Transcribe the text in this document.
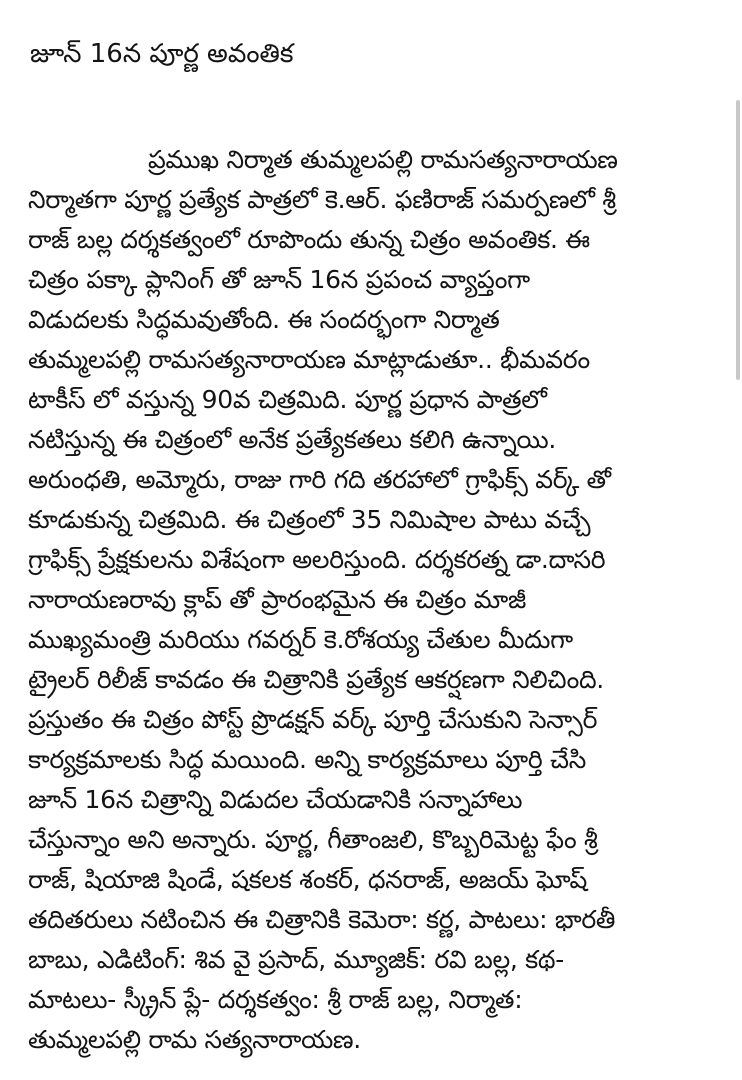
జూన్ 16న పూర్ణ అవంతిక
ప్రముఖ నిర్మాత తుమ్మలపల్లి రామసత్యనారాయణ
నిర్మాతగా పూర్ణ ప్రత్యేక పాత్రలో కె.ఆర్. ఫణిరాజ్ సమర్పణలో శ్రీ
రాజ్ బల్ల దర్శకత్వంలో రూపొందు తున్న చిత్రం అవంతిక. ఈ
చిత్రం పక్కా ప్లానింగ్ తో జూన్ 16న ప్రపంచ వ్యాప్తంగా
విడుదలకు సిద్ధమవుతోంది. ఈ సందర్భంగా నిర్మాత
తుమ్మలపల్లి రామసత్యనారాయణ మాట్లాడుతూ.. భీమవరం
టాకీస్ లో వస్తున్న 90వ చిత్రమిది. పూర్ణ ప్రధాన పాత్రలో
నటిస్తున్న ఈ చిత్రంలో అనేక ప్రత్యేకతలు కలిగి ఉన్నాయి.
అరుంధతి, అమ్మోరు, రాజు గారి గది తరహాలో గ్రాఫిక్స్ వర్క్ తో
కూడుకున్న చిత్రమిది. ఈ చిత్రంలో 35 నిమిషాల పాటు వచ్చే
గ్రాఫిక్స్ ప్రేక్షకులను విశేషంగా అలరిస్తుంది. దర్శకరత్న డా.దాసరి
నారాయణరావు క్లాప్ తో ప్రారంభమైన ఈ చిత్రం మాజీ
ముఖ్యమంత్రి మరియు గవర్నర్ కె.రోశయ్య చేతుల మీదుగా
ట్రైలర్ రిలీజ్ కావడం ఈ చిత్రానికి ప్రత్యేక ఆకర్షణగా నిలిచింది.
ప్రస్తుతం ఈ చిత్రం పోస్ట్ ప్రొడక్షన్ వర్క్ పూర్తి చేసుకుని సెన్సార్
కార్యక్రమాలకు సిద్ధ మయింది. అన్ని కార్యక్రమాలు పూర్తి చేసి
జూన్ 16న చిత్రాన్ని విడుదల చేయడానికి సన్నాహాలు
చేస్తున్నాం అని అన్నారు. పూర్ణ, గీతాంజలి, కొబ్బరిమెట్ట ఫేం శ్రీ
రాజ్, షియాజి షిండే, షకలక శంకర్, ధనరాజ్, అజయ్ ఘోష్
తదితరులు నటించిన ఈ చిత్రానికి కెమెరా: కర్ణ, పాటలు: భారతీ
బాబు, ఎడిటింగ్: శివ వై ప్రసాద్, మ్యూజిక్: రవి బల్ల, కథ-
మాటలు- స్క్రీన్ ప్లే- దర్శకత్వం: శ్రీ రాజ్ బల్ల, నిర్మాత:
తుమ్మలపల్లి రామ సత్యనారాయణ.
